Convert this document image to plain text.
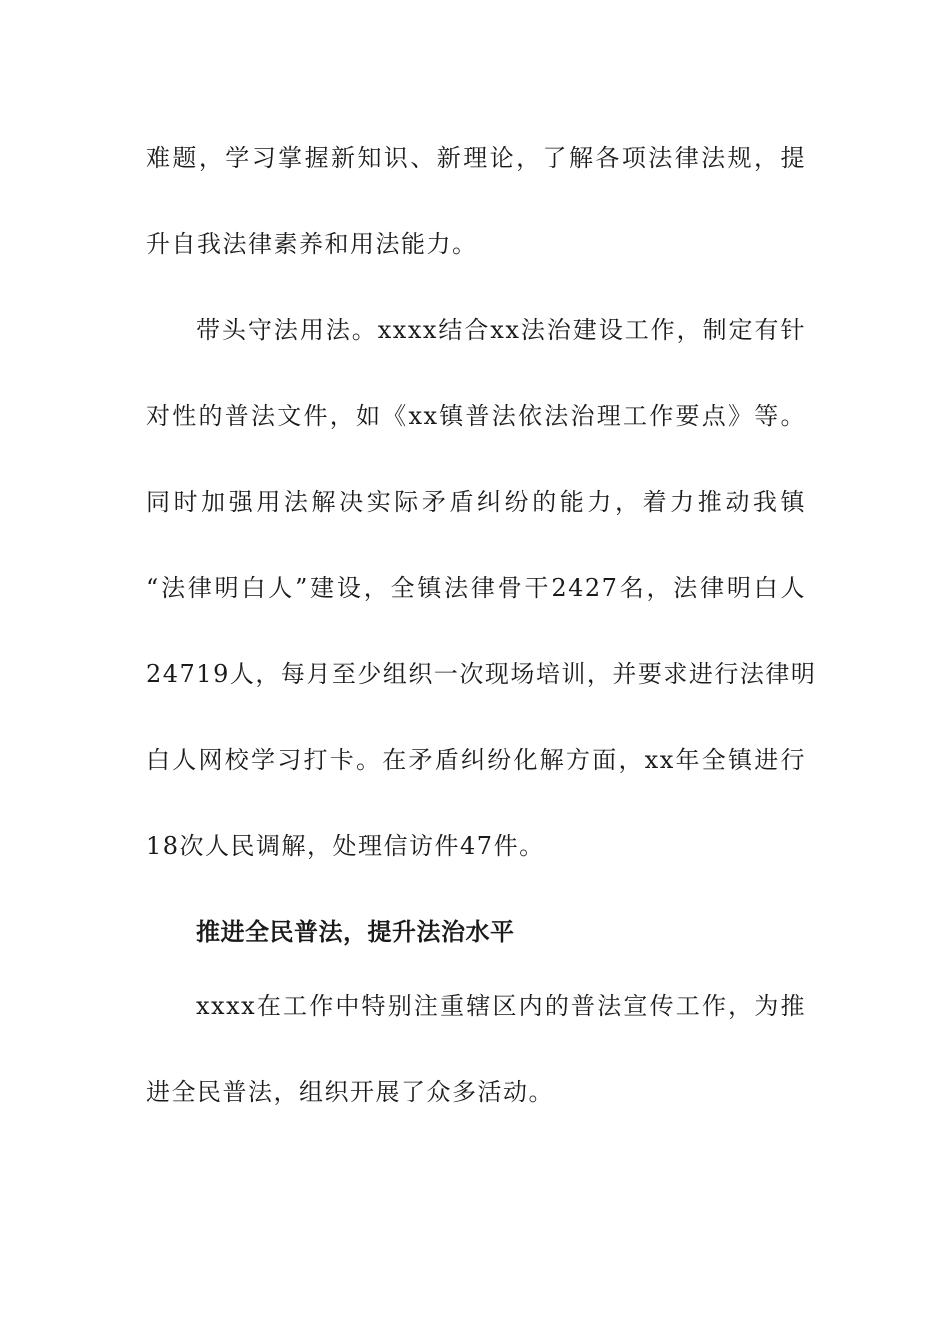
难题，学习掌握新知识、新理论，了解各项法律法规，提
升自我法律素养和用法能力。
带头守法用法。xxxx结合xx法治建设工作，制定有针
对性的普法文件，如《xx镇普法依法治理工作要点》等。
同时加强用法解决实际矛盾纠纷的能力，着力推动我镇
“法律明白人”建设，全镇法律骨干2427名，法律明白人
24719人，每月至少组织一次现场培训，并要求进行法律明
白人网校学习打卡。在矛盾纠纷化解方面，xx年全镇进行
18次人民调解，处理信访件47件。
推进全民普法，提升法治水平
xxxx在工作中特别注重辖区内的普法宣传工作，为推
进全民普法，组织开展了众多活动。
